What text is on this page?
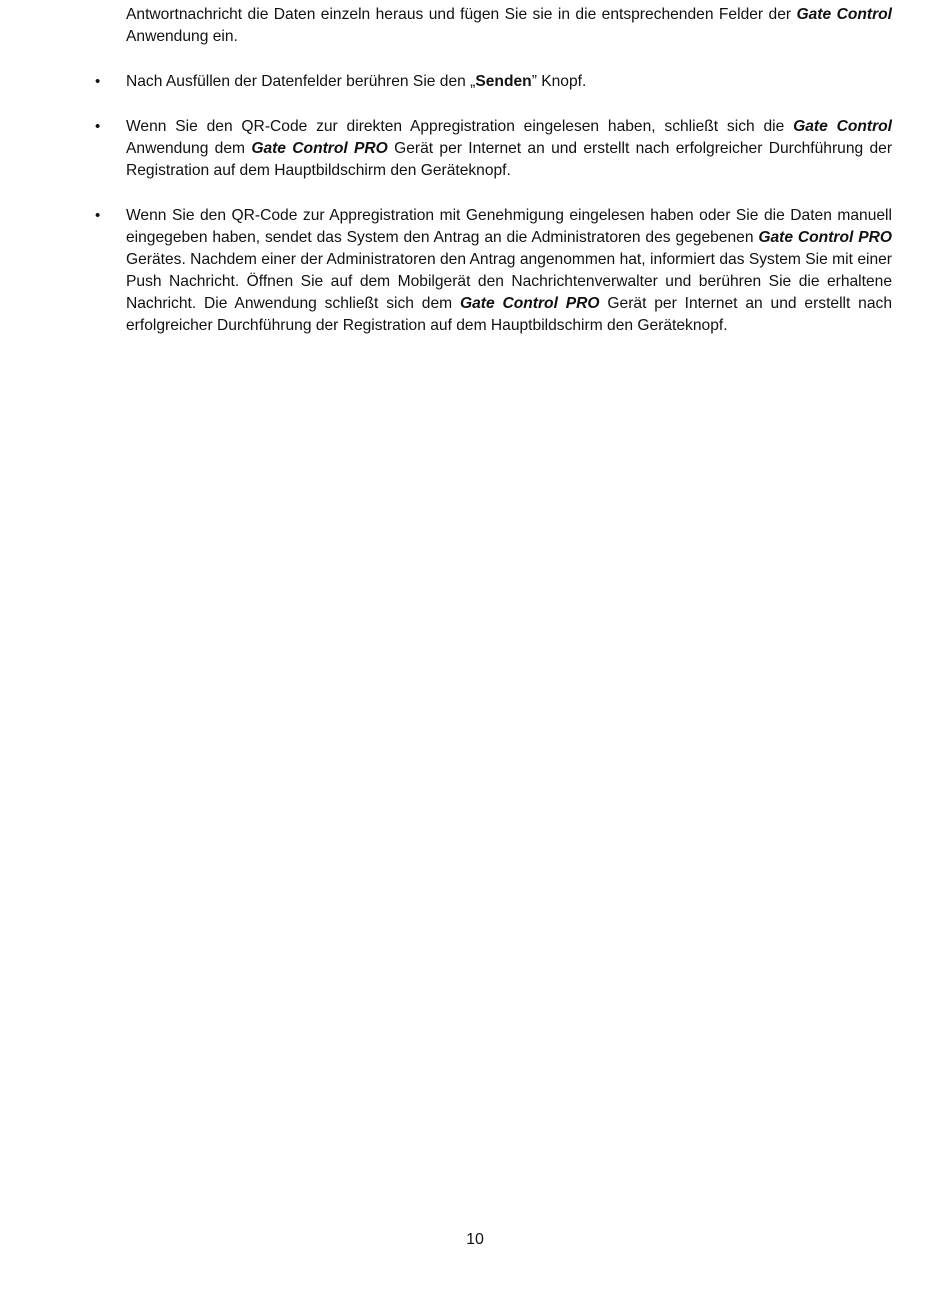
Antwortnachricht die Daten einzeln heraus und fügen Sie sie in die entsprechenden Felder der Gate Control Anwendung ein.

•	Nach Ausfüllen der Datenfelder berühren Sie den „Senden” Knopf.
•	Wenn Sie den QR-Code zur direkten Appregistration eingelesen haben, schließt sich die Gate Control Anwendung dem Gate Control PRO Gerät per Internet an und erstellt nach erfolgreicher Durchführung der Registration auf dem Hauptbildschirm den Geräteknopf.
•	Wenn Sie den QR-Code zur Appregistration mit Genehmigung eingelesen haben oder Sie die Daten manuell eingegeben haben, sendet das System den Antrag an die Administratoren des gegebenen Gate Control PRO Gerätes. Nachdem einer der Administratoren den Antrag angenommen hat, informiert das System Sie mit einer Push Nachricht. Öffnen Sie auf dem Mobilgerät den Nachrichtenverwalter und berühren Sie die erhaltene Nachricht. Die Anwendung schließt sich dem Gate Control PRO Gerät per Internet an und erstellt nach erfolgreicher Durchführung der Registration auf dem Hauptbildschirm den Geräteknopf.
10
